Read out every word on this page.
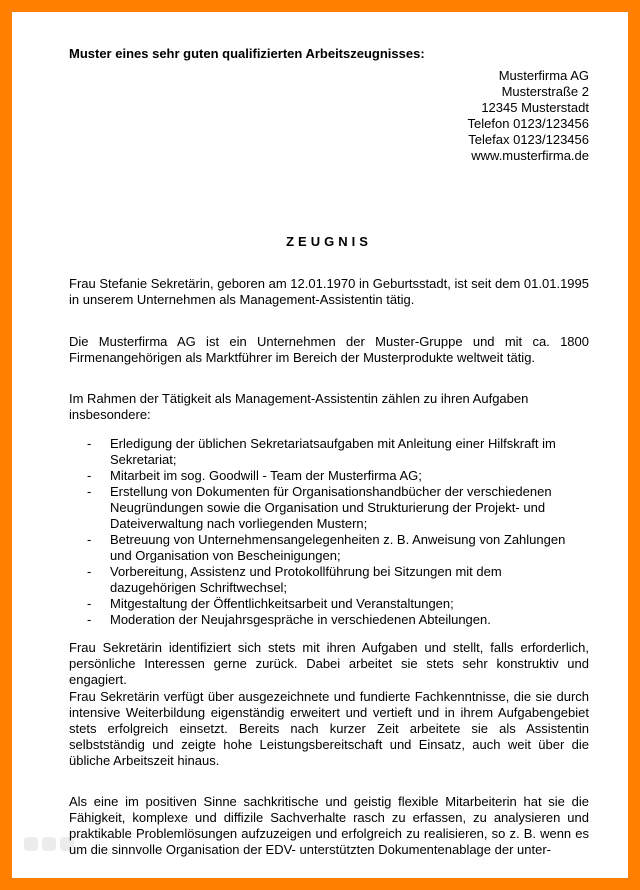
Muster eines sehr guten qualifizierten Arbeitszeugnisses:
Musterfirma AG
Musterstraße 2
12345 Musterstadt
Telefon 0123/123456
Telefax 0123/123456
www.musterfirma.de
ZEUGNIS
Frau Stefanie Sekretärin, geboren am 12.01.1970 in Geburtsstadt, ist seit dem 01.01.1995 in unserem Unternehmen als Management-Assistentin tätig.
Die Musterfirma AG ist ein Unternehmen der Muster-Gruppe und mit ca. 1800 Firmenangehörigen als Marktführer im Bereich der Musterprodukte weltweit tätig.
Im Rahmen der Tätigkeit als Management-Assistentin zählen zu ihren Aufgaben insbesondere:
- Erledigung der üblichen Sekretariatsaufgaben mit Anleitung einer Hilfskraft im Sekretariat;
- Mitarbeit im sog. Goodwill - Team der Musterfirma AG;
- Erstellung von Dokumenten für Organisationshandbücher der verschiedenen Neugründungen sowie die Organisation und Strukturierung der Projekt- und Dateiverwaltung nach vorliegenden Mustern;
- Betreuung von Unternehmensangelegenheiten z. B. Anweisung von Zahlungen und Organisation von Bescheinigungen;
- Vorbereitung, Assistenz und Protokollführung bei Sitzungen mit dem dazugehörigen Schriftwechsel;
- Mitgestaltung der Öffentlichkeitsarbeit und Veranstaltungen;
- Moderation der Neujahrsgespräche in verschiedenen Abteilungen.
Frau Sekretärin identifiziert sich stets mit ihren Aufgaben und stellt, falls erforderlich, persönliche Interessen gerne zurück. Dabei arbeitet sie stets sehr konstruktiv und engagiert.
Frau Sekretärin verfügt über ausgezeichnete und fundierte Fachkenntnisse, die sie durch intensive Weiterbildung eigenständig erweitert und vertieft und in ihrem Aufgabengebiet stets erfolgreich einsetzt. Bereits nach kurzer Zeit arbeitete sie als Assistentin selbstständig und zeigte hohe Leistungsbereitschaft und Einsatz, auch weit über die übliche Arbeitszeit hinaus.
Als eine im positiven Sinne sachkritische und geistig flexible Mitarbeiterin hat sie die Fähigkeit, komplexe und diffizile Sachverhalte rasch zu erfassen, zu analysieren und praktikable Problemlösungen aufzuzeigen und erfolgreich zu realisieren, so z. B. wenn es um die sinnvolle Organisation der EDV- unterstützten Dokumentenablage der unter-
